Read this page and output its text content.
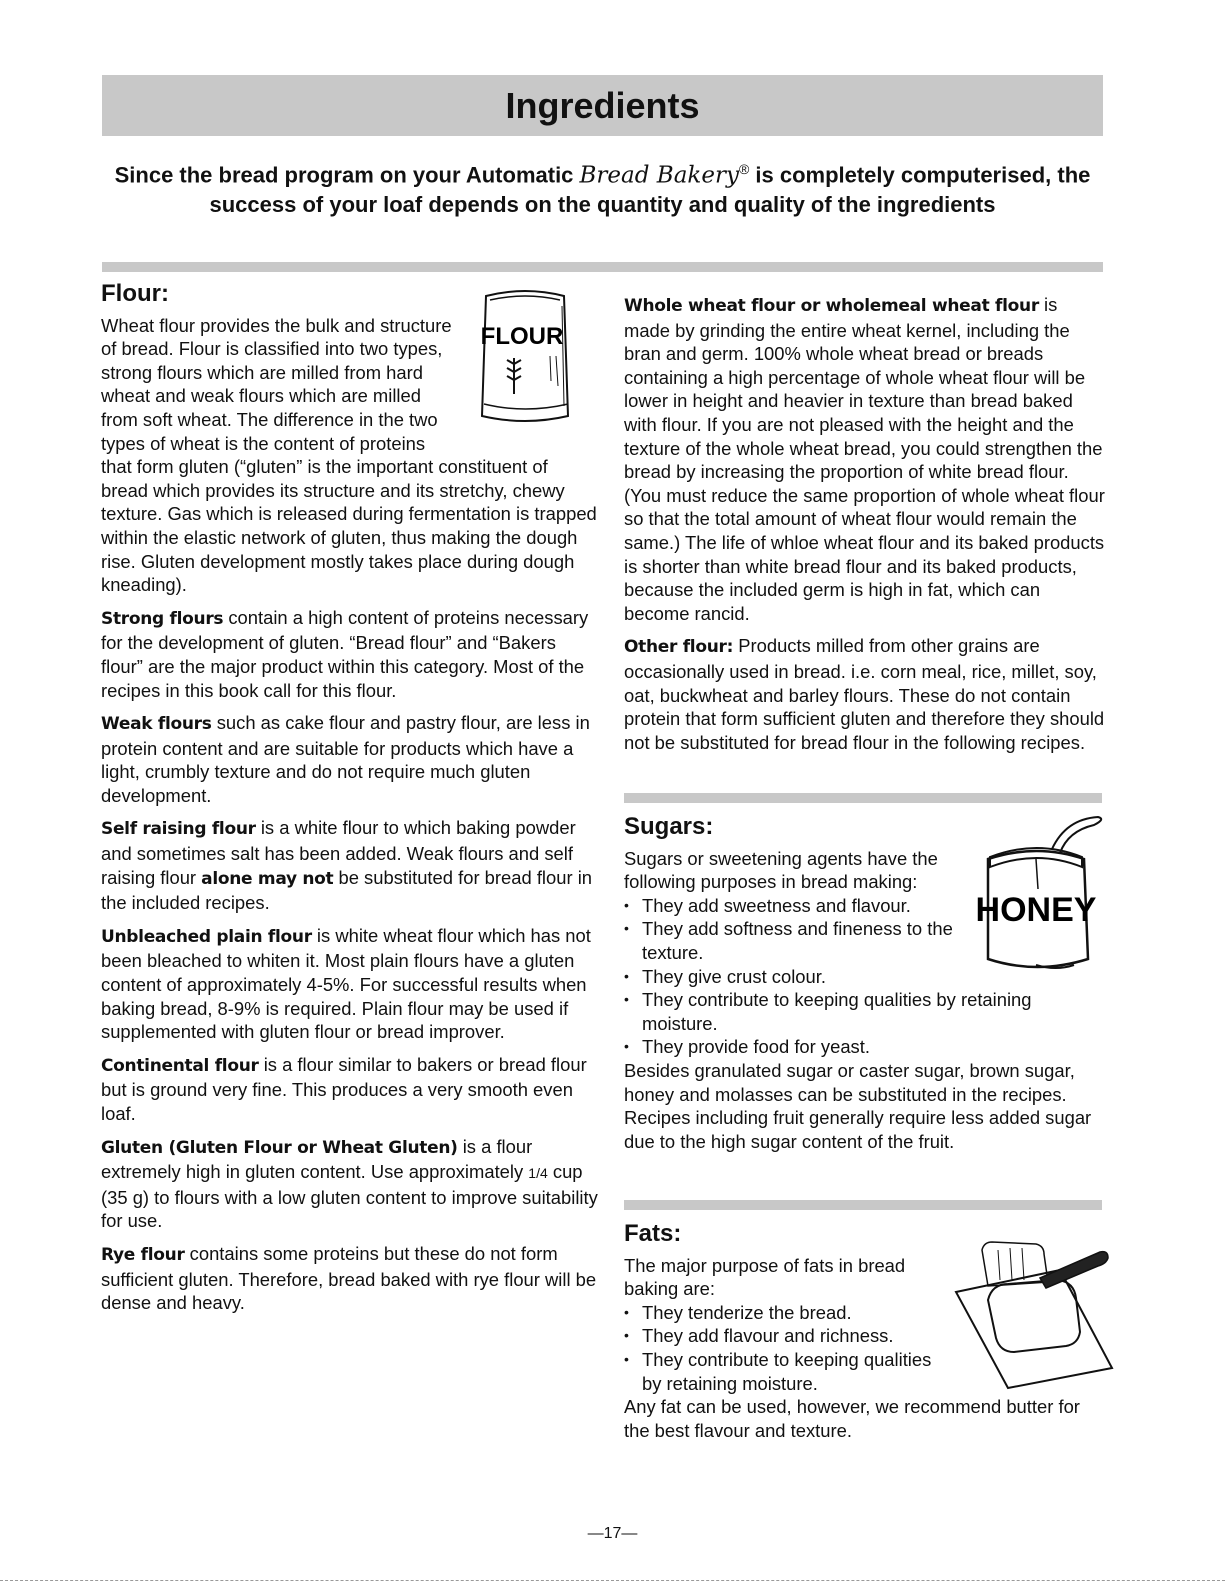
Ingredients
Since the bread program on your Automatic Bread Bakery® is completely computerised, the success of your loaf depends on the quantity and quality of the ingredients
Flour:
FLOUR

Wheat flour provides the bulk and structure of bread. Flour is classified into two types, strong flours which are milled from hard wheat and weak flours which are milled from soft wheat. The difference in the two types of wheat is the content of proteins that form gluten (“gluten” is the important constituent of bread which provides its structure and its stretchy, chewy texture. Gas which is released during fermentation is trapped within the elastic network of gluten, thus making the dough rise. Gluten development mostly takes place during dough kneading).

Strong flours contain a high content of proteins necessary for the development of gluten. “Bread flour” and “Bakers flour” are the major product within this category. Most of the recipes in this book call for this flour.

Weak flours such as cake flour and pastry flour, are less in protein content and are suitable for products which have a light, crumbly texture and do not require much gluten development.

Self raising flour is a white flour to which baking powder and sometimes salt has been added. Weak flours and self raising flour alone may not be substituted for bread flour in the included recipes.

Unbleached plain flour is white wheat flour which has not been bleached to whiten it. Most plain flours have a gluten content of approximately 4-5%. For successful results when baking bread, 8-9% is required. Plain flour may be used if supplemented with gluten flour or bread improver.

Continental flour is a flour similar to bakers or bread flour but is ground very fine. This produces a very smooth even loaf.

Gluten (Gluten Flour or Wheat Gluten) is a flour extremely high in gluten content. Use approximately 1/4 cup (35 g) to flours with a low gluten content to improve suitability for use.

Rye flour contains some proteins but these do not form sufficient gluten. Therefore, bread baked with rye flour will be dense and heavy.

Whole wheat flour or wholemeal wheat flour is made by grinding the entire wheat kernel, including the bran and germ. 100% whole wheat bread or breads containing a high percentage of whole wheat flour will be lower in height and heavier in texture than bread baked with flour. If you are not pleased with the height and the texture of the whole wheat bread, you could strengthen the bread by increasing the proportion of white bread flour. (You must reduce the same proportion of whole wheat flour so that the total amount of wheat flour would remain the same.) The life of whloe wheat flour and its baked products is shorter than white bread flour and its baked products, because the included germ is high in fat, which can become rancid.

Other flour: Products milled from other grains are occasionally used in bread. i.e. corn meal, rice, millet, soy, oat, buckwheat and barley flours. These do not contain protein that form sufficient gluten and therefore they should not be substituted for bread flour in the following recipes.

Sugars:
HONEY

Sugars or sweetening agents have the following purposes in bread making:

• They add sweetness and flavour.
• They add softness and fineness to the texture.
• They give crust colour.
• They contribute to keeping qualities by retaining moisture.
• They provide food for yeast.

Besides granulated sugar or caster sugar, brown sugar, honey and molasses can be substituted in the recipes. Recipes including fruit generally require less added sugar due to the high sugar content of the fruit.

Fats:

The major purpose of fats in bread baking are:

• They tenderize the bread.
• They add flavour and richness.
• They contribute to keeping qualities by retaining moisture.

Any fat can be used, however, we recommend butter for the best flavour and texture.

—17—
